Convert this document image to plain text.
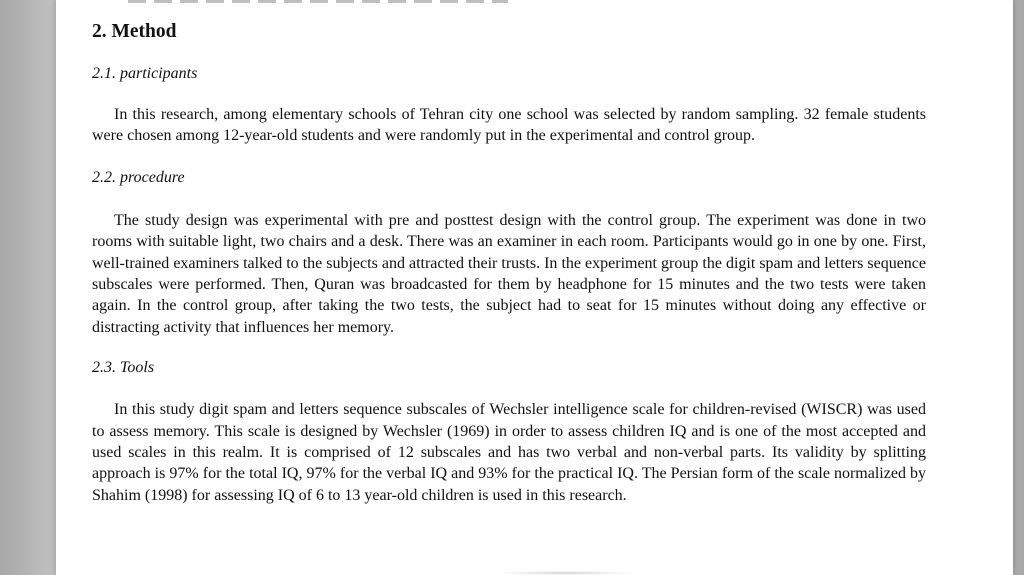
2. Method
2.1. participants

In this research, among elementary schools of Tehran city one school was selected by random sampling. 32 female students were chosen among 12-year-old students and were randomly put in the experimental and control group.

2.2. procedure

The study design was experimental with pre and posttest design with the control group. The experiment was done in two rooms with suitable light, two chairs and a desk. There was an examiner in each room. Participants would go in one by one. First, well-trained examiners talked to the subjects and attracted their trusts. In the experiment group the digit spam and letters sequence subscales were performed. Then, Quran was broadcasted for them by headphone for 15 minutes and the two tests were taken again. In the control group, after taking the two tests, the subject had to seat for 15 minutes without doing any effective or distracting activity that influences her memory.

2.3. Tools

In this study digit spam and letters sequence subscales of Wechsler intelligence scale for children-revised (WISCR) was used to assess memory. This scale is designed by Wechsler (1969) in order to assess children IQ and is one of the most accepted and used scales in this realm. It is comprised of 12 subscales and has two verbal and non-verbal parts. Its validity by splitting approach is 97% for the total IQ, 97% for the verbal IQ and 93% for the practical IQ. The Persian form of the scale normalized by Shahim (1998) for assessing IQ of 6 to 13 year-old children is used in this research.
